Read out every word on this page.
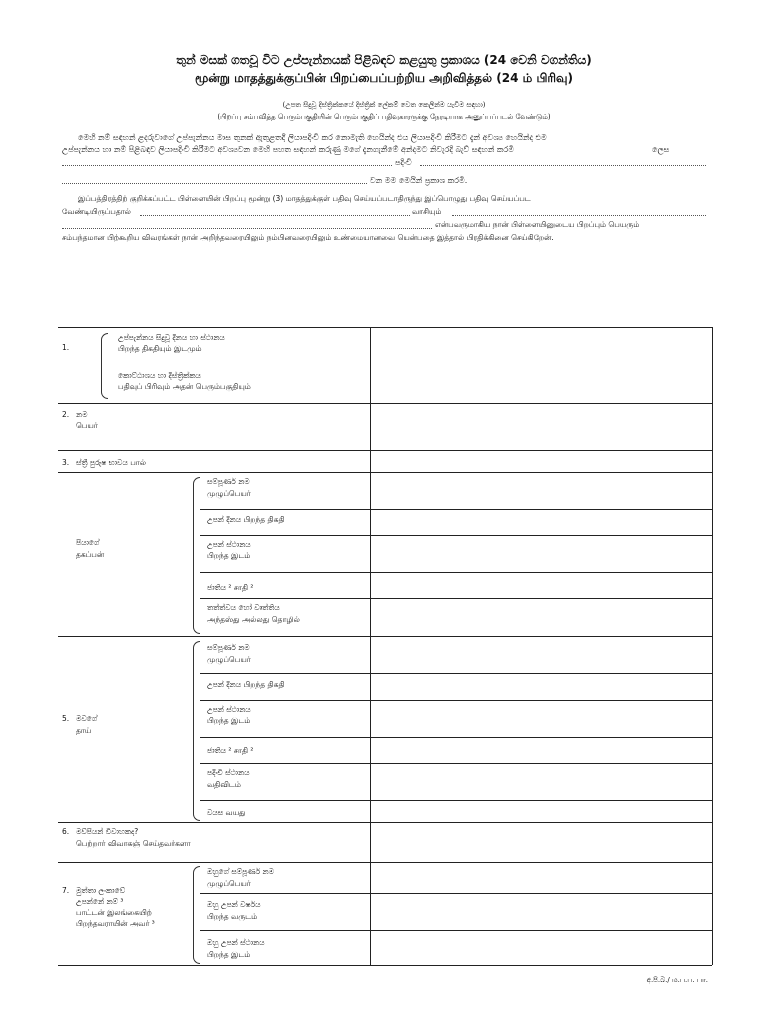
තුන් මසක් ගතවූ විට උප්පැන්නයක් පිළිබඳව කළයුතු ප්‍රකාශය (24 වෙනි වගන්තිය)
மூன்று மாதத்துக்குப்பின் பிறப்பைப்பற்றிய அறிவித்தல் (24 ம் பிரிவு)
(උපත සිදුවූ දිස්ත්‍රික්කයේ දිස්ත්‍රික් ලේකම් වෙත කෙලින්ම යැවිම සඳහා)
(பிறப்பு சம்பவித்த பெரும்பகுதியின் பெரும்பகுதிப் பதிவுகாரருக்கு நேரடியாக அனுப்பப்படல் வேண்டும்)
මෙහි නම් සඳහන් ළදරුවාගේ උප්පැන්නය මාස තුනක් ඇතුළතදී ලියාපදිංචි කර නොමැති හෙයින්ද එය ලියාපදිංචි කිරීමට දැන් අවශ්‍ය හෙයින්ද එම
උප්පැන්නය හා නම් පිළිබඳව ලියාපදිංචි කිරීමට අවශ්‍යවන මෙහි පහත සඳහන් කරුණු මගේ දැනගැනීමේ අන්දමට නිවැරදි බැව් සඳහන් කරමි	ලෙස
පදිංචි
වන මම මෙයින් ප්‍රකාශ කරමි.
இப்பத்திரத்திற் குறிக்கப்பட்ட பிள்ளையின் பிறப்பு மூன்று (3) மாதத்துக்குள் பதிவு செய்யப்படாதிருந்து இப்பொழுது பதிவு செய்யப்பட
வேண்டியிருப்பதால்	வாசியும்
என்பவருமாகிய நான் பிள்ளையினுடைய பிறப்பும் பெயரும்
சம்பந்தமான பிற்கூறிய விவரங்கள் நான் அறிந்தவரையிலும் நம்பினவரையிலும் உண்மையானவை யென்பதை இத்தால் பிரதிக்கினை செய்கிறேன்.
1.
උප්පැන්නය සිදුවූ දිනය හා ස්ථානය
பிறந்த திகதியும் இடமும்
කොට්ඨාශය හා දිස්ත්‍රික්කය
பதிவுப் பிரிவும் அதன் பெரும்பகுதியும்
2. නම
பெயர்
3. ස්ත්‍රී පුරුෂ භාවය பால்
පියාගේ
தகப்பன்
සම්පූර්ණ නම
முழுப்பெயர்
උපන් දිනය பிறந்த திகதி
උපන් ස්ථානය
பிறந்த இடம்
ජාතිය ² சாதி ²
තත්ත්වය හෝ වෘත්තිය
அந்தஸ்து அல்லது தொழில்
5. මවගේ
தாய்
සම්පූර්ණ නම
முழுப்பெயர்
උපන් දිනය பிறந்த திகதி
උපන් ස්ථානය
பிறந்த இடம்
ජාතිය ² சாதி ²
පදිංචි ස්ථානය
வதிவிடம்
වයස வயது
6. මව්පියන් විවාහකද?
பெற்றார் விவாகஞ் செய்தவர்களா
7. මුත්තා ලංකාවේ
උපන්නේ නම් ³
பாட்டன் இலங்கையிற்
பிறந்தவராயின் அவர் ³
ඔහුගේ සම්පූර්ණ නම
முழுப்பெயர்
ඔහු උපන් වර්ෂය
பிறந்த வருடம்
ඔහු උපන් ස්ථානය
பிறந்த இடம்
අ.පි.බ./ ம.ப.ப. பா.
